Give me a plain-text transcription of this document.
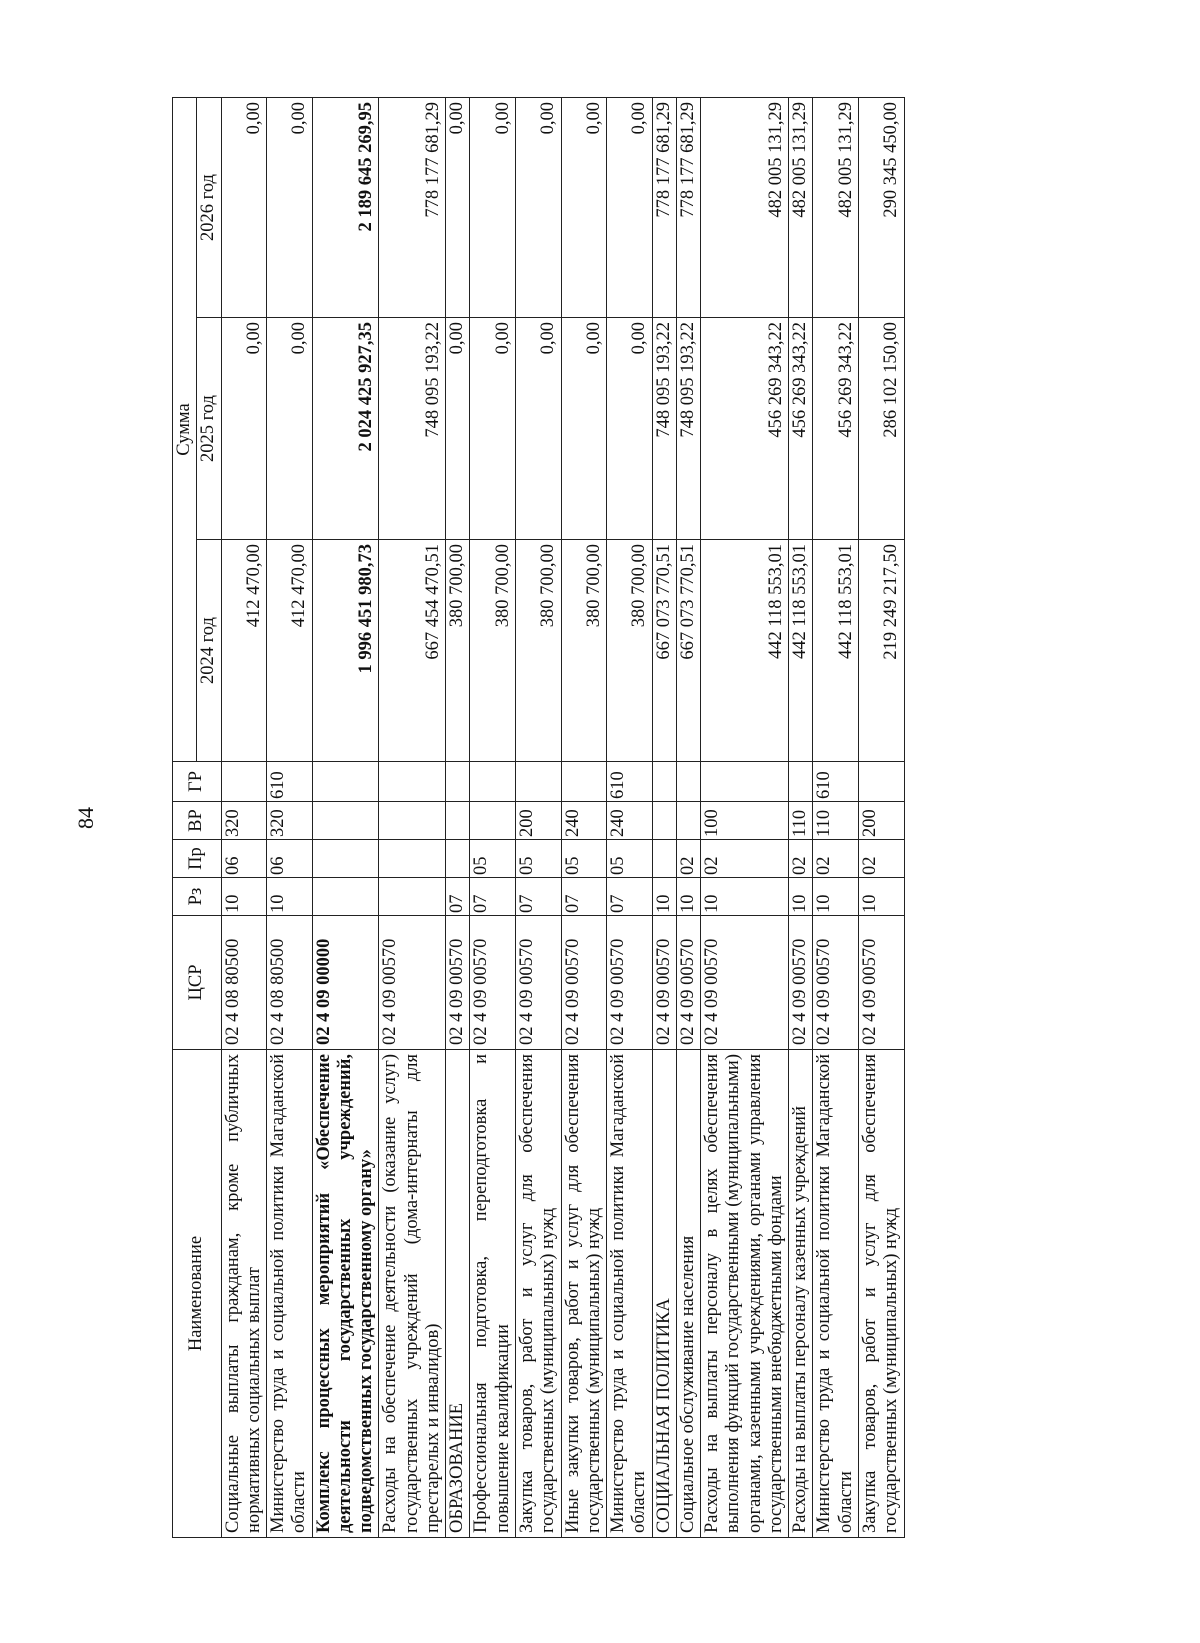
84
Наименование	ЦСР	Рз	Пр	ВР	ГР	Сумма		
						2024 год	2025 год	2026 год
Социальные выплаты гражданам, кроме публичных нормативных социальных выплат	02 4 08 80500	10	06	320		412 470,00	0,00	0,00
Министерство труда и социальной политики Магаданской области	02 4 08 80500	10	06	320	610	412 470,00	0,00	0,00
Комплекс процессных мероприятий «Обеспечение деятельности государственных учреждений, подведомственных государственному органу»	02 4 09 00000					1 996 451 980,73	2 024 425 927,35	2 189 645 269,95
Расходы на обеспечение деятельности (оказание услуг) государственных учреждений (дома-интернаты для престарелых и инвалидов)	02 4 09 00570					667 454 470,51	748 095 193,22	778 177 681,29
ОБРАЗОВАНИЕ	02 4 09 00570	07				380 700,00	0,00	0,00
Профессиональная подготовка, переподготовка и повышение квалификации	02 4 09 00570	07	05			380 700,00	0,00	0,00
Закупка товаров, работ и услуг для обеспечения государственных (муниципальных) нужд	02 4 09 00570	07	05	200		380 700,00	0,00	0,00
Иные закупки товаров, работ и услуг для обеспечения государственных (муниципальных) нужд	02 4 09 00570	07	05	240		380 700,00	0,00	0,00
Министерство труда и социальной политики Магаданской области	02 4 09 00570	07	05	240	610	380 700,00	0,00	0,00
СОЦИАЛЬНАЯ ПОЛИТИКА	02 4 09 00570	10				667 073 770,51	748 095 193,22	778 177 681,29
Социальное обслуживание населения	02 4 09 00570	10	02			667 073 770,51	748 095 193,22	778 177 681,29
Расходы на выплаты персоналу в целях обеспечения выполнения функций государственными (муниципальными) органами, казенными учреждениями, органами управления государственными внебюджетными фондами	02 4 09 00570	10	02	100		442 118 553,01	456 269 343,22	482 005 131,29
Расходы на выплаты персоналу казенных учреждений	02 4 09 00570	10	02	110		442 118 553,01	456 269 343,22	482 005 131,29
Министерство труда и социальной политики Магаданской области	02 4 09 00570	10	02	110	610	442 118 553,01	456 269 343,22	482 005 131,29
Закупка товаров, работ и услуг для обеспечения государственных (муниципальных) нужд	02 4 09 00570	10	02	200		219 249 217,50	286 102 150,00	290 345 450,00
